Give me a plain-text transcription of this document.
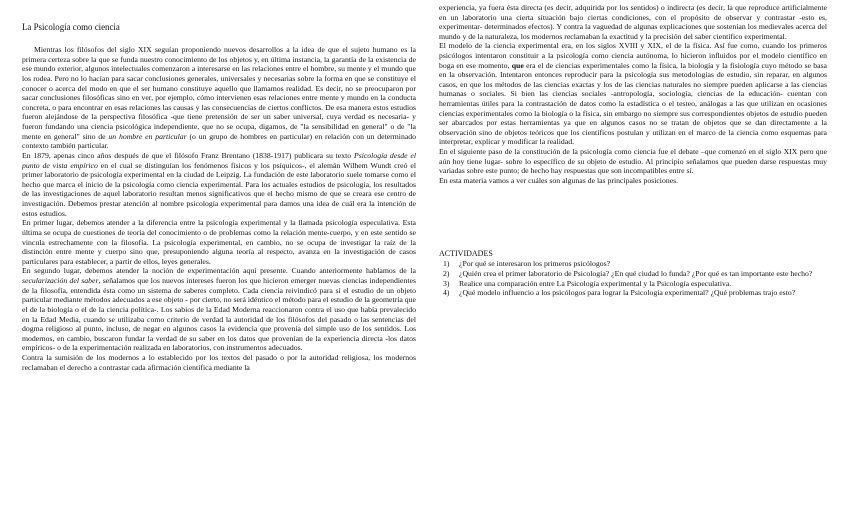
La Psicología como ciencia

Mientras los filósofos del siglo XIX seguían proponiendo nuevos desarrollos a la idea de que el sujeto humano es la primera certeza sobre la que se funda nuestro conocimiento de los objetos y, en última instancia, la garantía de la existencia de ese mundo exterior, algunos intelectuales comenzaron a interesarse en las relaciones entre el hombre, su mente y el mundo que los rodea. Pero no lo hacían para sacar conclusiones generales, universales y necesarias sobre la forma en que se constituye el conocer o acerca del modo en que el ser humano constituye aquello que llamamos realidad. Es decir, no se preocuparon por sacar conclusiones filosóficas sino en ver, por ejemplo, cómo intervienen esas relaciones entre mente y mundo en la conducta concreta, o para encontrar en esas relaciones las causas y las consecuencias de ciertos conflictos. De esa manera estos estudios fueron alejándose de la perspectiva filosófica -que tiene pretensión de ser un saber universal, cuya verdad es necesaria- y fueron fundando una ciencia psicológica independiente, que no se ocupa, digamos, de "la sensibilidad en general" o de "la mente en general" sino de un hombre en particular (o un grupo de hombres en particular) en relación con un determinado contexto también particular.

En 1879, apenas cinco años después de que el filósofo Franz Brentano (1838-1917) publicara su texto Psicología desde el punto de vista empírico en el cual se distinguían los fenómenos físicos y los psíquicos-, el alemán Wilhem Wundt creó el primer laboratorio de psicología experimental en la ciudad de Leipzig. La fundación de este laboratorio suele tomarse como el hecho que marca el inicio de la psicología como ciencia experimental. Para los actuales estudios de psicología, los resultados de las investigaciones de aquel laboratorio resultan menos significativos que el hecho mismo de que se creara ese centro de investigación. Debemos prestar atención al nombre psicología experimental para damos una idea de cuál era la intención de estos estudios.

En primer lugar, debemos atender a la diferencia entre la psicología experimental y la llamada psicología especulativa. Esta última se ocupa de cuestiones de teoría del conocimiento o de problemas como la relación mente-cuerpo, y en este sentido se vincula estrechamente con la filosofía. La psicología experimental, en cambio, no se ocupa de investigar la raíz de la distinción entre mente y cuerpo sino que, presuponiendo alguna teoría al respecto, avanza en la investigación de casos particulares para establecer, a partir de ellos, leyes generales.

En segundo lugar, debemos atender la noción de experimentación aquí presente. Cuando anteriormente hablamos de la secularización del saber, señalamos que los nuevos intereses fueron los que hicieron emerger nuevas ciencias independientes de la filosofía, entendida ésta como un sistema de saberes completo. Cada ciencia reivindicó para sí el estudio de un objeto particular mediante métodos adecuados a ese objeto - por cierto, no será idéntico el método para el estudio de la geometría que el de la biología o el de la ciencia política-. Los sabios de la Edad Moderna reaccionaron contra el uso que había prevalecido en la Edad Media, cuando se utilizaba como criterio de verdad la autoridad de los filósofos del pasado o las sentencias del dogma religioso al punto, incluso, de negar en algunos casos la evidencia que provenía del simple uso de los sentidos. Los modernos, en cambio, buscaron fundar la verdad de su saber en los datos que provenían de la experiencia directa -los datos empíricos- o de la experimentación realizada en laboratorios, con instrumentos adecuados.

Contra la sumisión de los modernos a lo establecido por los textos del pasado o por la autoridad religiosa, los modernos reclamaban el derecho a contrastar cada afirmación científica mediante la

experiencia, ya fuera ésta directa (es decir, adquirida por los sentidos) o indirecta (es decir, la que reproduce artificialmente en un laboratorio una cierta situación bajo ciertas condiciones, con el propósito de observar y contrastar -esto es, experimentar- determinados efectos). Y contra la vaguedad de algunas explicaciones que sostenían los medievales acerca del mundo y de la naturaleza, los modernos reclamaban la exactitud y la precisión del saber científico experimental.

El modelo de la ciencia experimental era, en los siglos XVIII y XIX, el de la física. Así fue como, cuando los primeros psicólogos intentaron constituir a la psicología como ciencia autónoma, lo hicieron influidos por el modelo científico en boga en ese momento, que era el de ciencias experimentales como la física, la biología y la fisiología cuyo método se basa en la observación. Intentaron entonces reproducir para la psicología sus metodologías de estudio, sin reparar, en algunos casos, en que los métodos de las ciencias exactas y los de las ciencias naturales no siempre pueden aplicarse a las ciencias humanas o sociales. Si bien las ciencias sociales -antropología, sociología, ciencias de la educación- cuentan con herramientas útiles para la contrastación de datos como la estadística o el testeo, análogas a las que utilizan en ocasiones ciencias experimentales como la biología o la física, sin embargo no siempre sus correspondientes objetos de estudio pueden ser abarcados por estas herramientas ya que en algunos casos no se tratan de objetos que se dan directamente a la observación sino de objetos teóricos que los científicos postulan y utilizan en el marco de la ciencia como esquemas para interpretar, explicar y modificar la realidad.

En el siguiente paso de la constitución de la psicología como ciencia fue el debate –que comenzó en el siglo XIX pero que aún hoy tiene lugar- sobre lo específico de su objeto de estudio. Al principio señalamos que pueden darse respuestas muy variadas sobre este punto; de hecho hay respuestas que son incompatibles entre sí.

En esta materia vamos a ver cuáles son algunas de las principales posiciones.

ACTIVIDADES

1) ¿Por qué se interesaron los primeros psicólogos?
2) ¿Quién crea el primer laboratorio de Psicología? ¿En qué ciudad lo funda? ¿Por qué es tan importante este hecho?
3) Realice una comparación entre La Psicología experimental y la Psicología especulativa.
4) ¿Qué modelo influencio a los psicólogos para lograr la Psicología experimental? ¿Qué problemas trajo esto?
